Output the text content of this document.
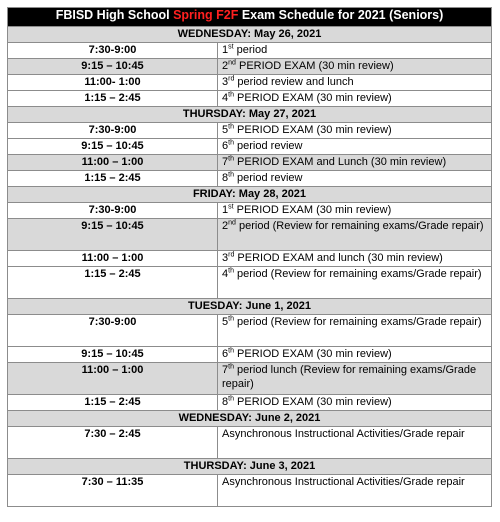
FBISD High School Spring F2F Exam Schedule for 2021 (Seniors)	
WEDNESDAY: May 26, 2021	
7:30-9:00	1st period
9:15 – 10:45	2nd PERIOD EXAM (30 min review)
11:00- 1:00	3rd period review and lunch
1:15 – 2:45	4th PERIOD EXAM (30 min review)
THURSDAY: May 27, 2021	
7:30-9:00	5th PERIOD EXAM (30 min review)
9:15 – 10:45	6th period review
11:00 – 1:00	7th PERIOD EXAM and Lunch (30 min review)
1:15 – 2:45	8th period review
FRIDAY: May 28, 2021	
7:30-9:00	1st PERIOD EXAM (30 min review)
9:15 – 10:45	2nd period (Review for remaining exams/Grade repair)
11:00 – 1:00	3rd PERIOD EXAM and lunch (30 min review)
1:15 – 2:45	4th period (Review for remaining exams/Grade repair)
TUESDAY: June 1, 2021	
7:30-9:00	5th period (Review for remaining exams/Grade repair)
9:15 – 10:45	6th PERIOD EXAM (30 min review)
11:00 – 1:00	7th period lunch (Review for remaining exams/Grade repair)
1:15 – 2:45	8th PERIOD EXAM (30 min review)
WEDNESDAY: June 2, 2021	
7:30 – 2:45	Asynchronous Instructional Activities/Grade repair
THURSDAY: June 3, 2021	
7:30 – 11:35	Asynchronous Instructional Activities/Grade repair
